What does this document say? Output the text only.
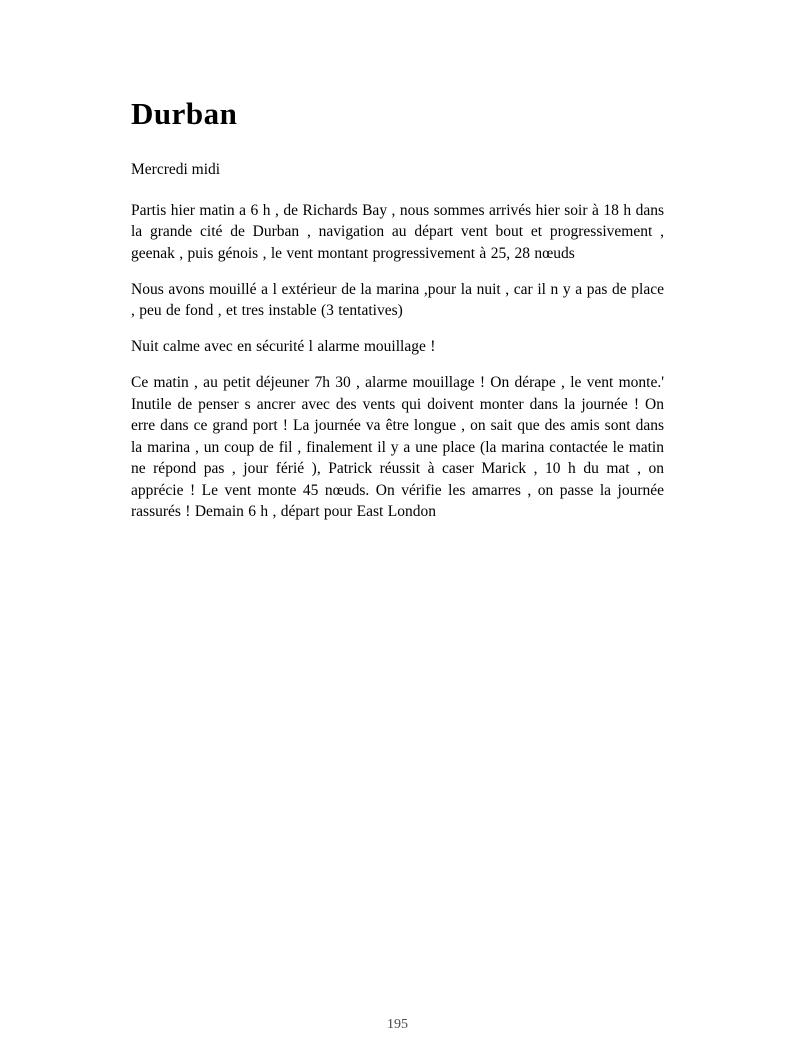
Durban

Mercredi midi

Partis hier matin a 6 h , de Richards Bay , nous sommes arrivés hier soir à 18 h dans la grande cité de Durban , navigation au départ vent bout et progressivement , geenak , puis génois , le vent montant progressivement à 25, 28 nœuds

Nous avons mouillé a l extérieur de la marina ,pour la nuit , car il n y a pas de place , peu de fond , et tres instable (3 tentatives)

Nuit calme avec en sécurité l alarme mouillage !

Ce matin , au petit déjeuner 7h 30 , alarme mouillage ! On dérape , le vent monte.' Inutile de penser s ancrer avec des vents qui doivent monter dans la journée ! On erre dans ce grand port ! La journée va être longue , on sait que des amis sont dans la marina , un coup de fil , finalement il y a une place (la marina contactée le matin ne répond pas , jour férié ), Patrick réussit à caser Marick , 10 h du mat , on apprécie ! Le vent monte 45 nœuds. On vérifie les amarres , on passe la journée rassurés ! Demain 6 h , départ pour East London

195
